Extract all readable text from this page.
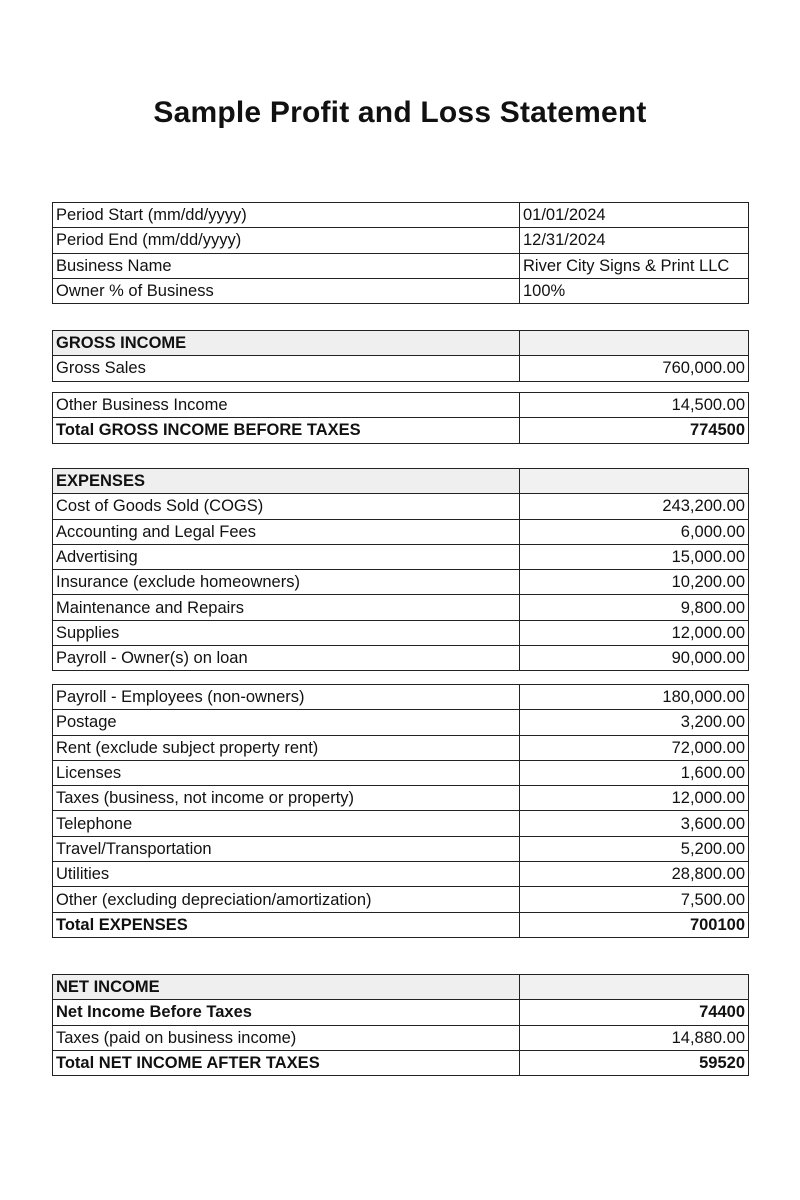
Sample Profit and Loss Statement
Period Start (mm/dd/yyyy)	01/01/2024
Period End (mm/dd/yyyy)	12/31/2024
Business Name	River City Signs & Print LLC
Owner % of Business	100%
GROSS INCOME	
Gross Sales	760,000.00
Other Business Income	14,500.00
Total GROSS INCOME BEFORE TAXES	774500
EXPENSES	
Cost of Goods Sold (COGS)	243,200.00
Accounting and Legal Fees	6,000.00
Advertising	15,000.00
Insurance (exclude homeowners)	10,200.00
Maintenance and Repairs	9,800.00
Supplies	12,000.00
Payroll - Owner(s) on loan	90,000.00
Payroll - Employees (non-owners)	180,000.00
Postage	3,200.00
Rent (exclude subject property rent)	72,000.00
Licenses	1,600.00
Taxes (business, not income or property)	12,000.00
Telephone	3,600.00
Travel/Transportation	5,200.00
Utilities	28,800.00
Other (excluding depreciation/amortization)	7,500.00
Total EXPENSES	700100
NET INCOME	
Net Income Before Taxes	74400
Taxes (paid on business income)	14,880.00
Total NET INCOME AFTER TAXES	59520
